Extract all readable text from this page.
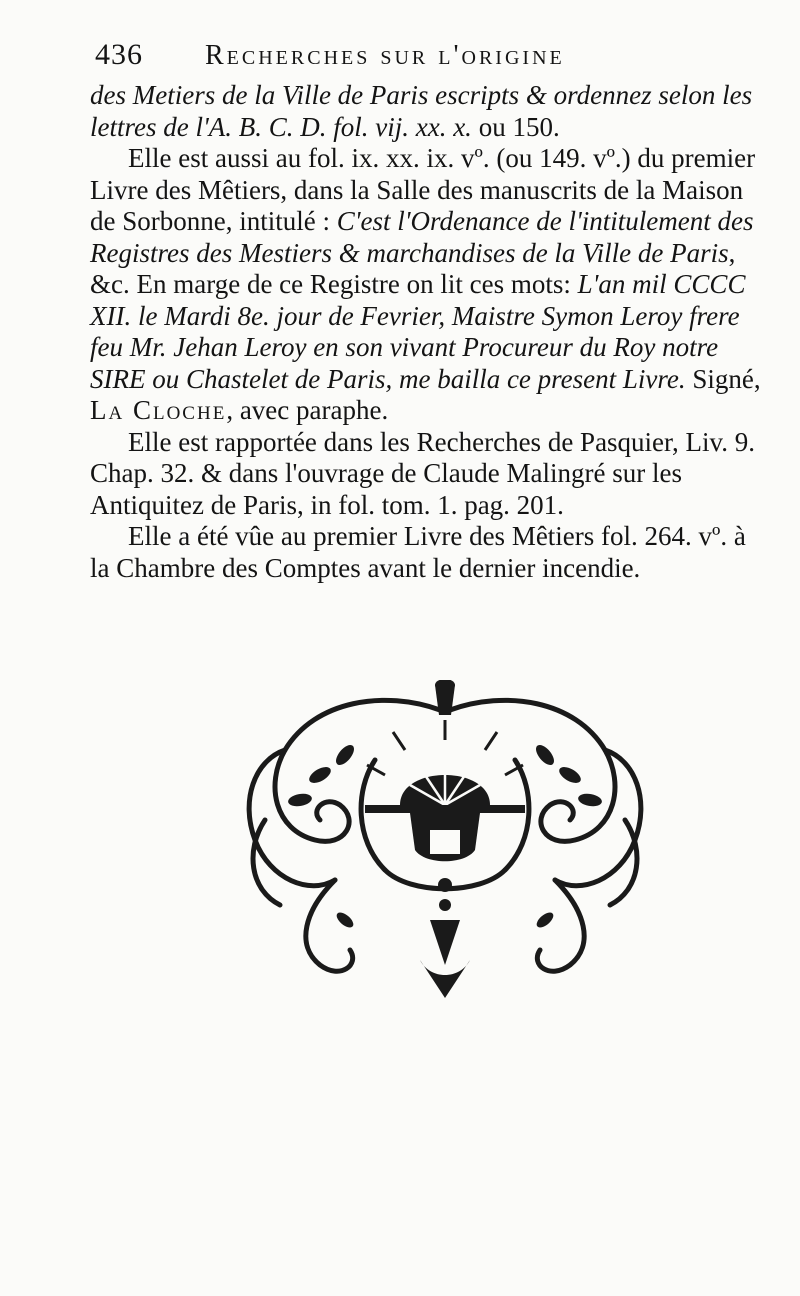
436 Recherches sur l'origine

des Metiers de la Ville de Paris escripts & ordennez selon les
lettres de l'A. B. C. D. fol. vij. xx. x. ou 150.

Elle est aussi au fol. ix. xx. ix. vº. (ou 149. vº.) du premier Livre des Mêtiers, dans la Salle des manuscrits de la Maison de Sorbonne, intitulé : C'est l'Ordenance de l'intitulement des Registres des Mestiers & marchandises de la Ville de Paris, &c. En marge de ce Registre on lit ces mots: L'an mil CCCC XII. le Mardi 8e. jour de Fevrier, Maistre Symon Leroy frere feu Mr. Jehan Leroy en son vivant Procureur du Roy notre SIRE ou Chastelet de Paris, me bailla ce present Livre. Signé, La Cloche, avec paraphe.

Elle est rapportée dans les Recherches de Pasquier, Liv. 9. Chap. 32. & dans l'ouvrage de Claude Malingré sur les Antiquitez de Paris, in fol. tom. 1. pag. 201.

Elle a été vûe au premier Livre des Mêtiers fol. 264. vº. à la Chambre des Comptes avant le dernier incendie.
